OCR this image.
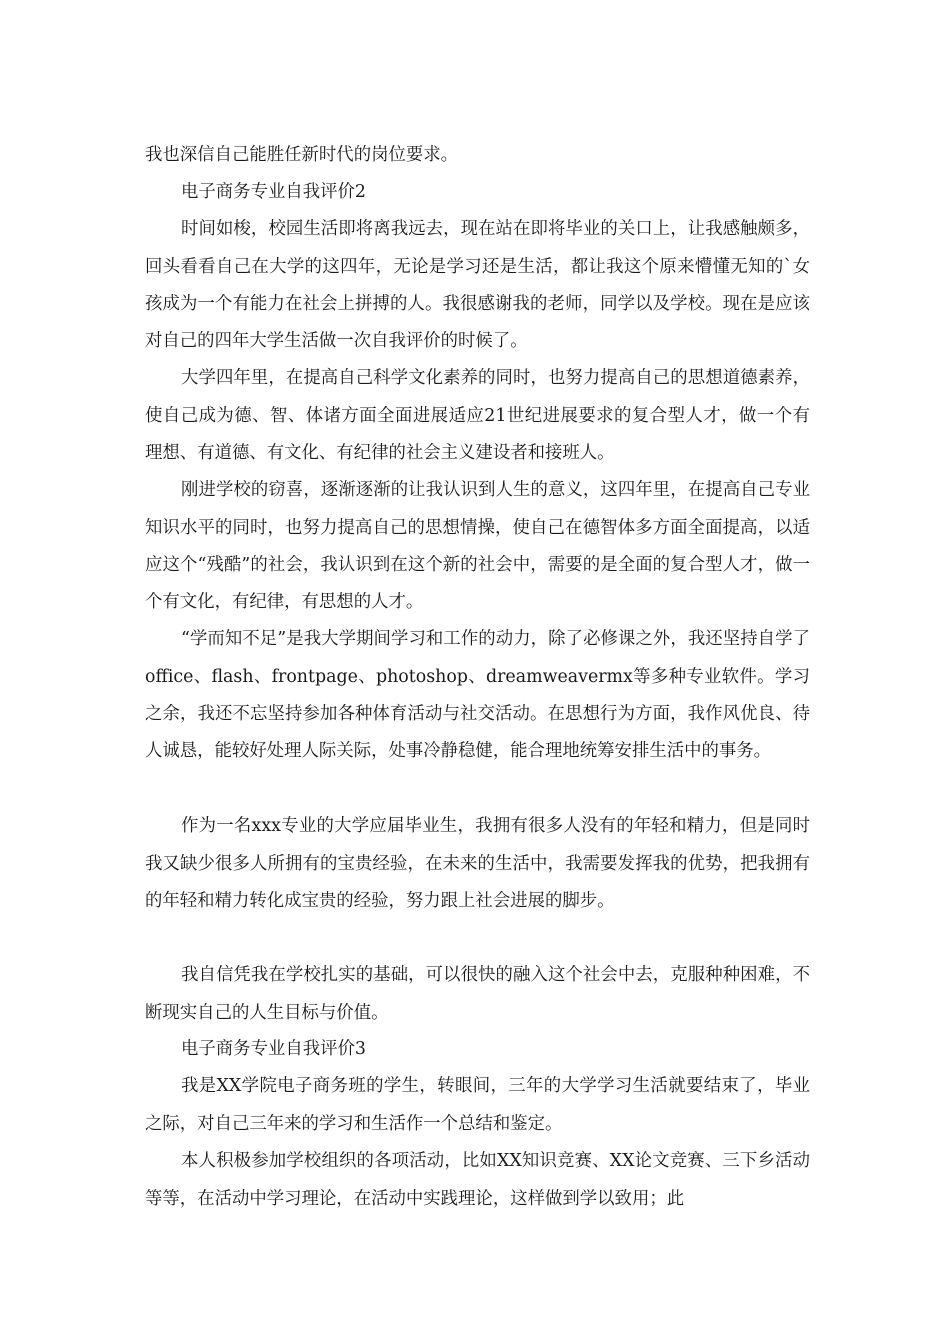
我也深信自己能胜任新时代的岗位要求。

电子商务专业自我评价2

时间如梭，校园生活即将离我远去，现在站在即将毕业的关口上，让我感触颇多，回头看看自己在大学的这四年，无论是学习还是生活，都让我这个原来懵懂无知的`女孩成为一个有能力在社会上拼搏的人。我很感谢我的老师，同学以及学校。现在是应该对自己的四年大学生活做一次自我评价的时候了。

大学四年里，在提高自己科学文化素养的同时，也努力提高自己的思想道德素养，使自己成为德、智、体诸方面全面进展适应21世纪进展要求的复合型人才，做一个有理想、有道德、有文化、有纪律的社会主义建设者和接班人。

刚进学校的窃喜，逐渐逐渐的让我认识到人生的意义，这四年里，在提高自己专业知识水平的同时，也努力提高自己的思想情操，使自己在德智体多方面全面提高，以适应这个“残酷”的社会，我认识到在这个新的社会中，需要的是全面的复合型人才，做一个有文化，有纪律，有思想的人才。

“学而知不足”是我大学期间学习和工作的动力，除了必修课之外，我还坚持自学了office、flash、frontpage、photoshop、dreamweavermx等多种专业软件。学习之余，我还不忘坚持参加各种体育活动与社交活动。在思想行为方面，我作风优良、待人诚恳，能较好处理人际关际，处事冷静稳健，能合理地统筹安排生活中的事务。

作为一名xxx专业的大学应届毕业生，我拥有很多人没有的年轻和精力，但是同时我又缺少很多人所拥有的宝贵经验，在未来的生活中，我需要发挥我的优势，把我拥有的年轻和精力转化成宝贵的经验，努力跟上社会进展的脚步。

我自信凭我在学校扎实的基础，可以很快的融入这个社会中去，克服种种困难，不断现实自己的人生目标与价值。

电子商务专业自我评价3

我是XX学院电子商务班的学生，转眼间，三年的大学学习生活就要结束了，毕业之际，对自己三年来的学习和生活作一个总结和鉴定。

本人积极参加学校组织的各项活动，比如XX知识竞赛、XX论文竞赛、三下乡活动等等，在活动中学习理论，在活动中实践理论，这样做到学以致用；此
